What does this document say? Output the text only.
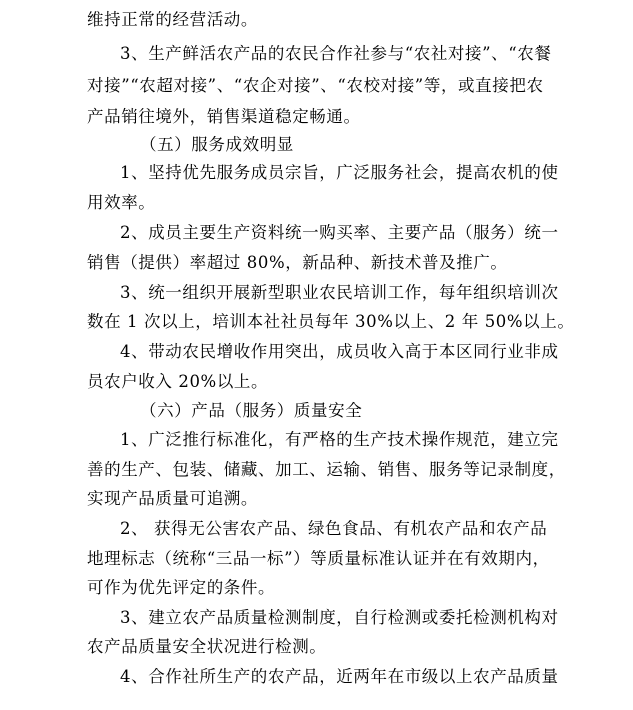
维持正常的经营活动。
3、生产鲜活农产品的农民合作社参与“农社对接”、“农餐
对接”“农超对接”、“农企对接”、“农校对接”等，或直接把农
产品销往境外，销售渠道稳定畅通。
（五）服务成效明显
1、坚持优先服务成员宗旨，广泛服务社会，提高农机的使
用效率。
2、成员主要生产资料统一购买率、主要产品（服务）统一
销售（提供）率超过 80%，新品种、新技术普及推广。
3、统一组织开展新型职业农民培训工作，每年组织培训次
数在 1 次以上，培训本社社员每年 30%以上、2 年 50%以上。
4、带动农民增收作用突出，成员收入高于本区同行业非成
员农户收入 20%以上。
（六）产品（服务）质量安全
1、广泛推行标准化，有严格的生产技术操作规范，建立完
善的生产、包装、储藏、加工、运输、销售、服务等记录制度，
实现产品质量可追溯。
2、 获得无公害农产品、绿色食品、有机农产品和农产品
地理标志（统称“三品一标”）等质量标准认证并在有效期内，
可作为优先评定的条件。
3、建立农产品质量检测制度，自行检测或委托检测机构对
农产品质量安全状况进行检测。
4、合作社所生产的农产品，近两年在市级以上农产品质量
